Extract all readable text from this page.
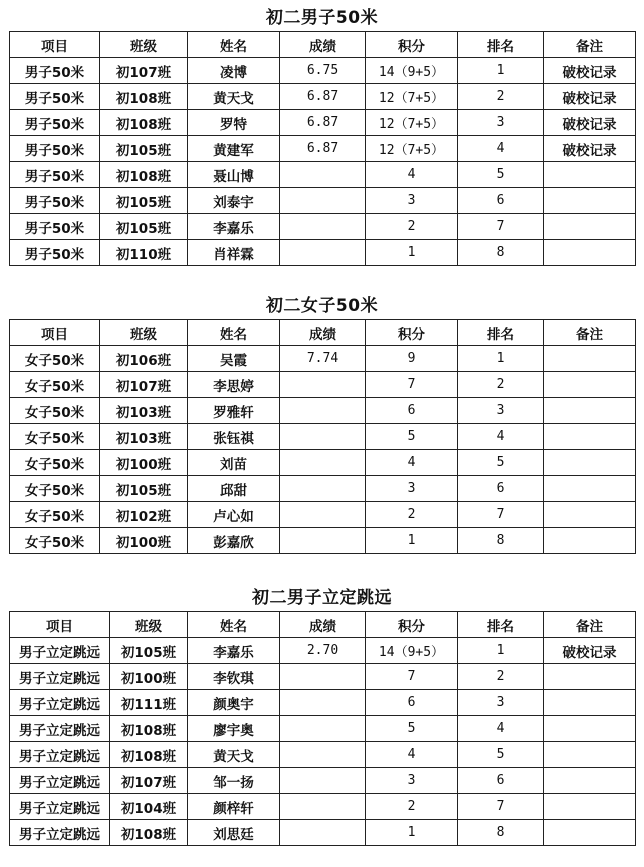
初二男子50米
项目	班级	姓名	成绩	积分	排名	备注
男子50米	初107班	凌博	6.75	14（9+5）	1	破校记录
男子50米	初108班	黄天戈	6.87	12（7+5）	2	破校记录
男子50米	初108班	罗特	6.87	12（7+5）	3	破校记录
男子50米	初105班	黄建军	6.87	12（7+5）	4	破校记录
男子50米	初108班	聂山博		4	5	
男子50米	初105班	刘泰宇		3	6	
男子50米	初105班	李嘉乐		2	7	
男子50米	初110班	肖祥霖		1	8	
初二女子50米
项目	班级	姓名	成绩	积分	排名	备注
女子50米	初106班	吴霞	7.74	9	1	
女子50米	初107班	李思婷		7	2	
女子50米	初103班	罗雅轩		6	3	
女子50米	初103班	张钰祺		5	4	
女子50米	初100班	刘苗		4	5	
女子50米	初105班	邱甜		3	6	
女子50米	初102班	卢心如		2	7	
女子50米	初100班	彭嘉欣		1	8	
初二男子立定跳远
项目	班级	姓名	成绩	积分	排名	备注
男子立定跳远	初105班	李嘉乐	2.70	14（9+5）	1	破校记录
男子立定跳远	初100班	李钦琪		7	2	
男子立定跳远	初111班	颜奥宇		6	3	
男子立定跳远	初108班	廖宇奥		5	4	
男子立定跳远	初108班	黄天戈		4	5	
男子立定跳远	初107班	邹一扬		3	6	
男子立定跳远	初104班	颜梓轩		2	7	
男子立定跳远	初108班	刘思廷		1	8	
